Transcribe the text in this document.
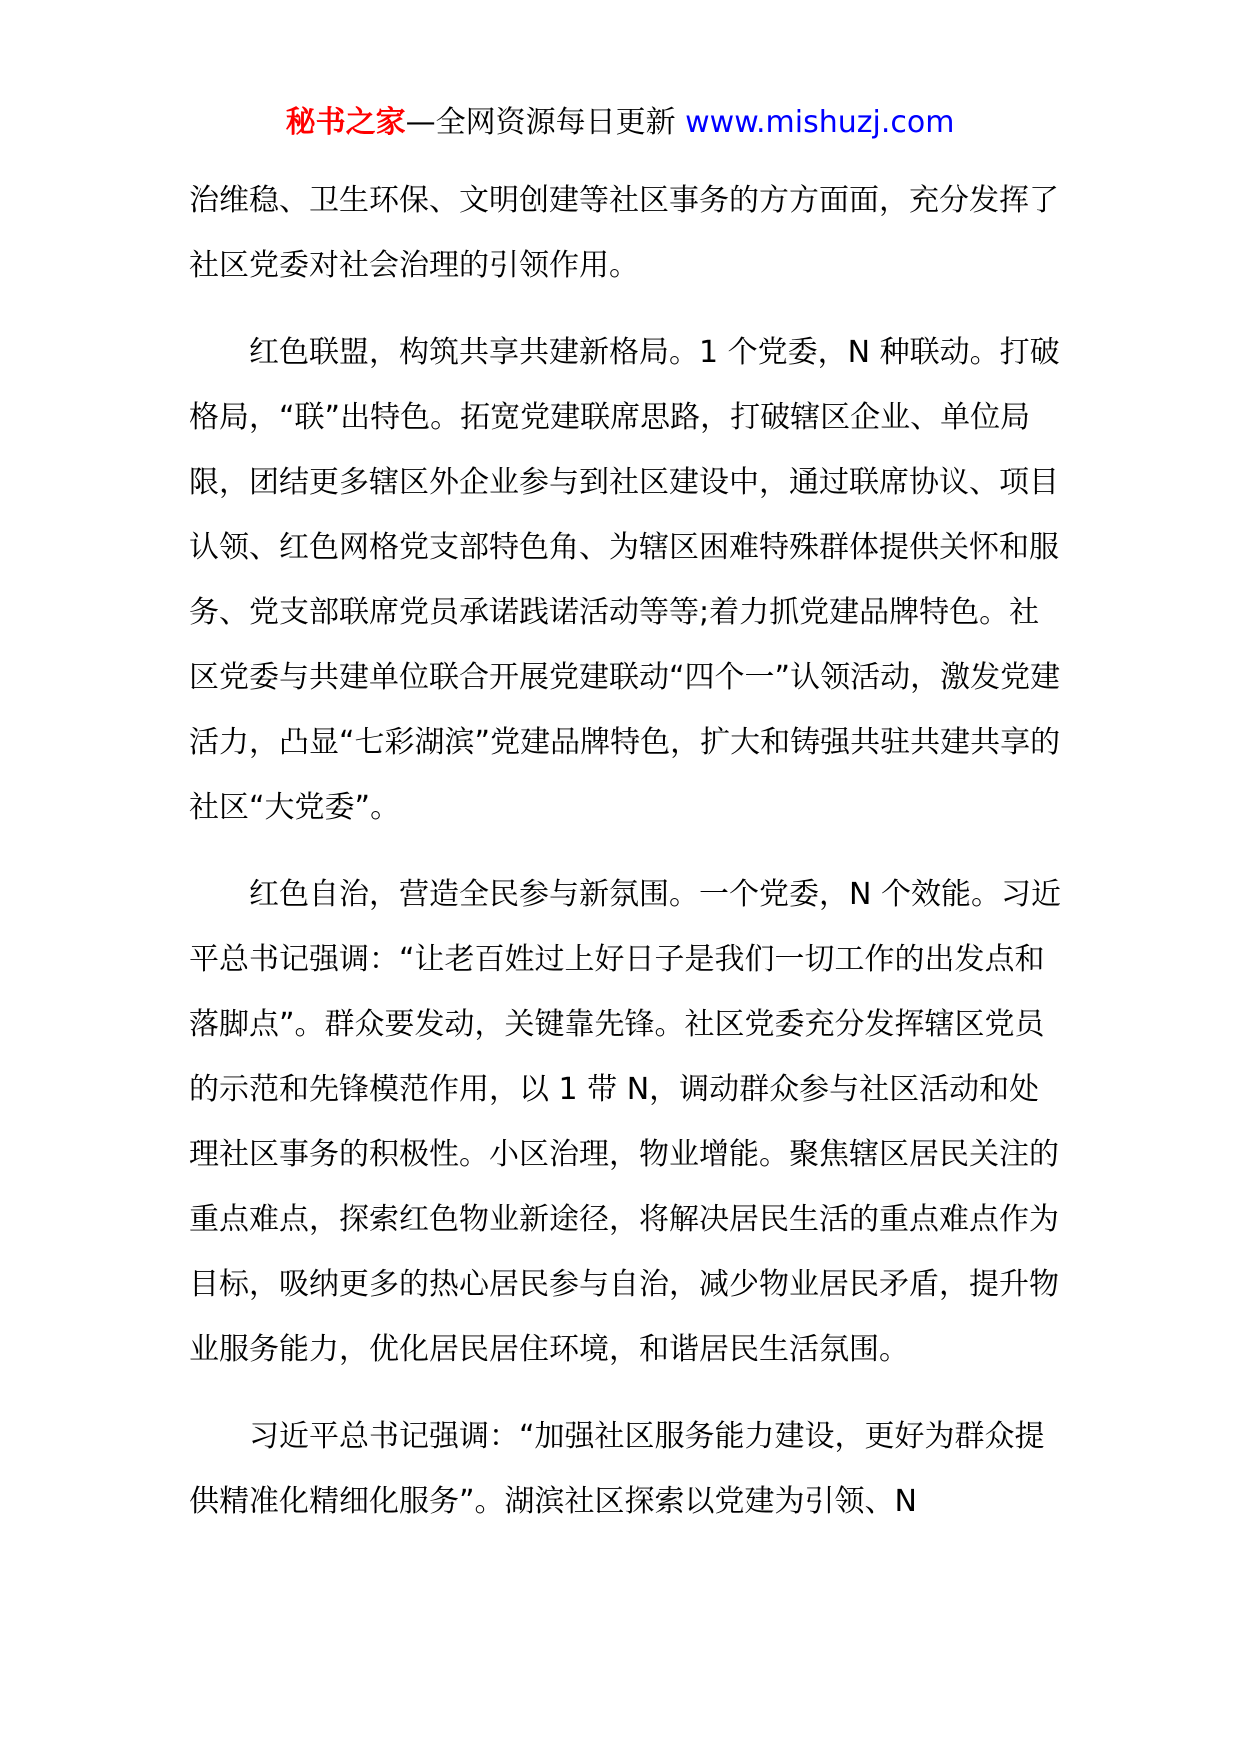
秘书之家—全网资源每日更新 www.mishuzj.com

治维稳、卫生环保、文明创建等社区事务的方方面面，充分发挥了社区党委对社会治理的引领作用。

红色联盟，构筑共享共建新格局。1 个党委，N 种联动。打破格局，“联”出特色。拓宽党建联席思路，打破辖区企业、单位局限，团结更多辖区外企业参与到社区建设中，通过联席协议、项目认领、红色网格党支部特色角、为辖区困难特殊群体提供关怀和服务、党支部联席党员承诺践诺活动等等;着力抓党建品牌特色。社区党委与共建单位联合开展党建联动“四个一”认领活动，激发党建活力，凸显“七彩湖滨”党建品牌特色，扩大和铸强共驻共建共享的社区“大党委”。

红色自治，营造全民参与新氛围。一个党委，N 个效能。习近平总书记强调：“让老百姓过上好日子是我们一切工作的出发点和落脚点”。群众要发动，关键靠先锋。社区党委充分发挥辖区党员的示范和先锋模范作用，以 1 带 N，调动群众参与社区活动和处理社区事务的积极性。小区治理，物业增能。聚焦辖区居民关注的重点难点，探索红色物业新途径，将解决居民生活的重点难点作为目标，吸纳更多的热心居民参与自治，减少物业居民矛盾，提升物业服务能力，优化居民居住环境，和谐居民生活氛围。

习近平总书记强调：“加强社区服务能力建设，更好为群众提供精准化精细化服务”。湖滨社区探索以党建为引领、N
